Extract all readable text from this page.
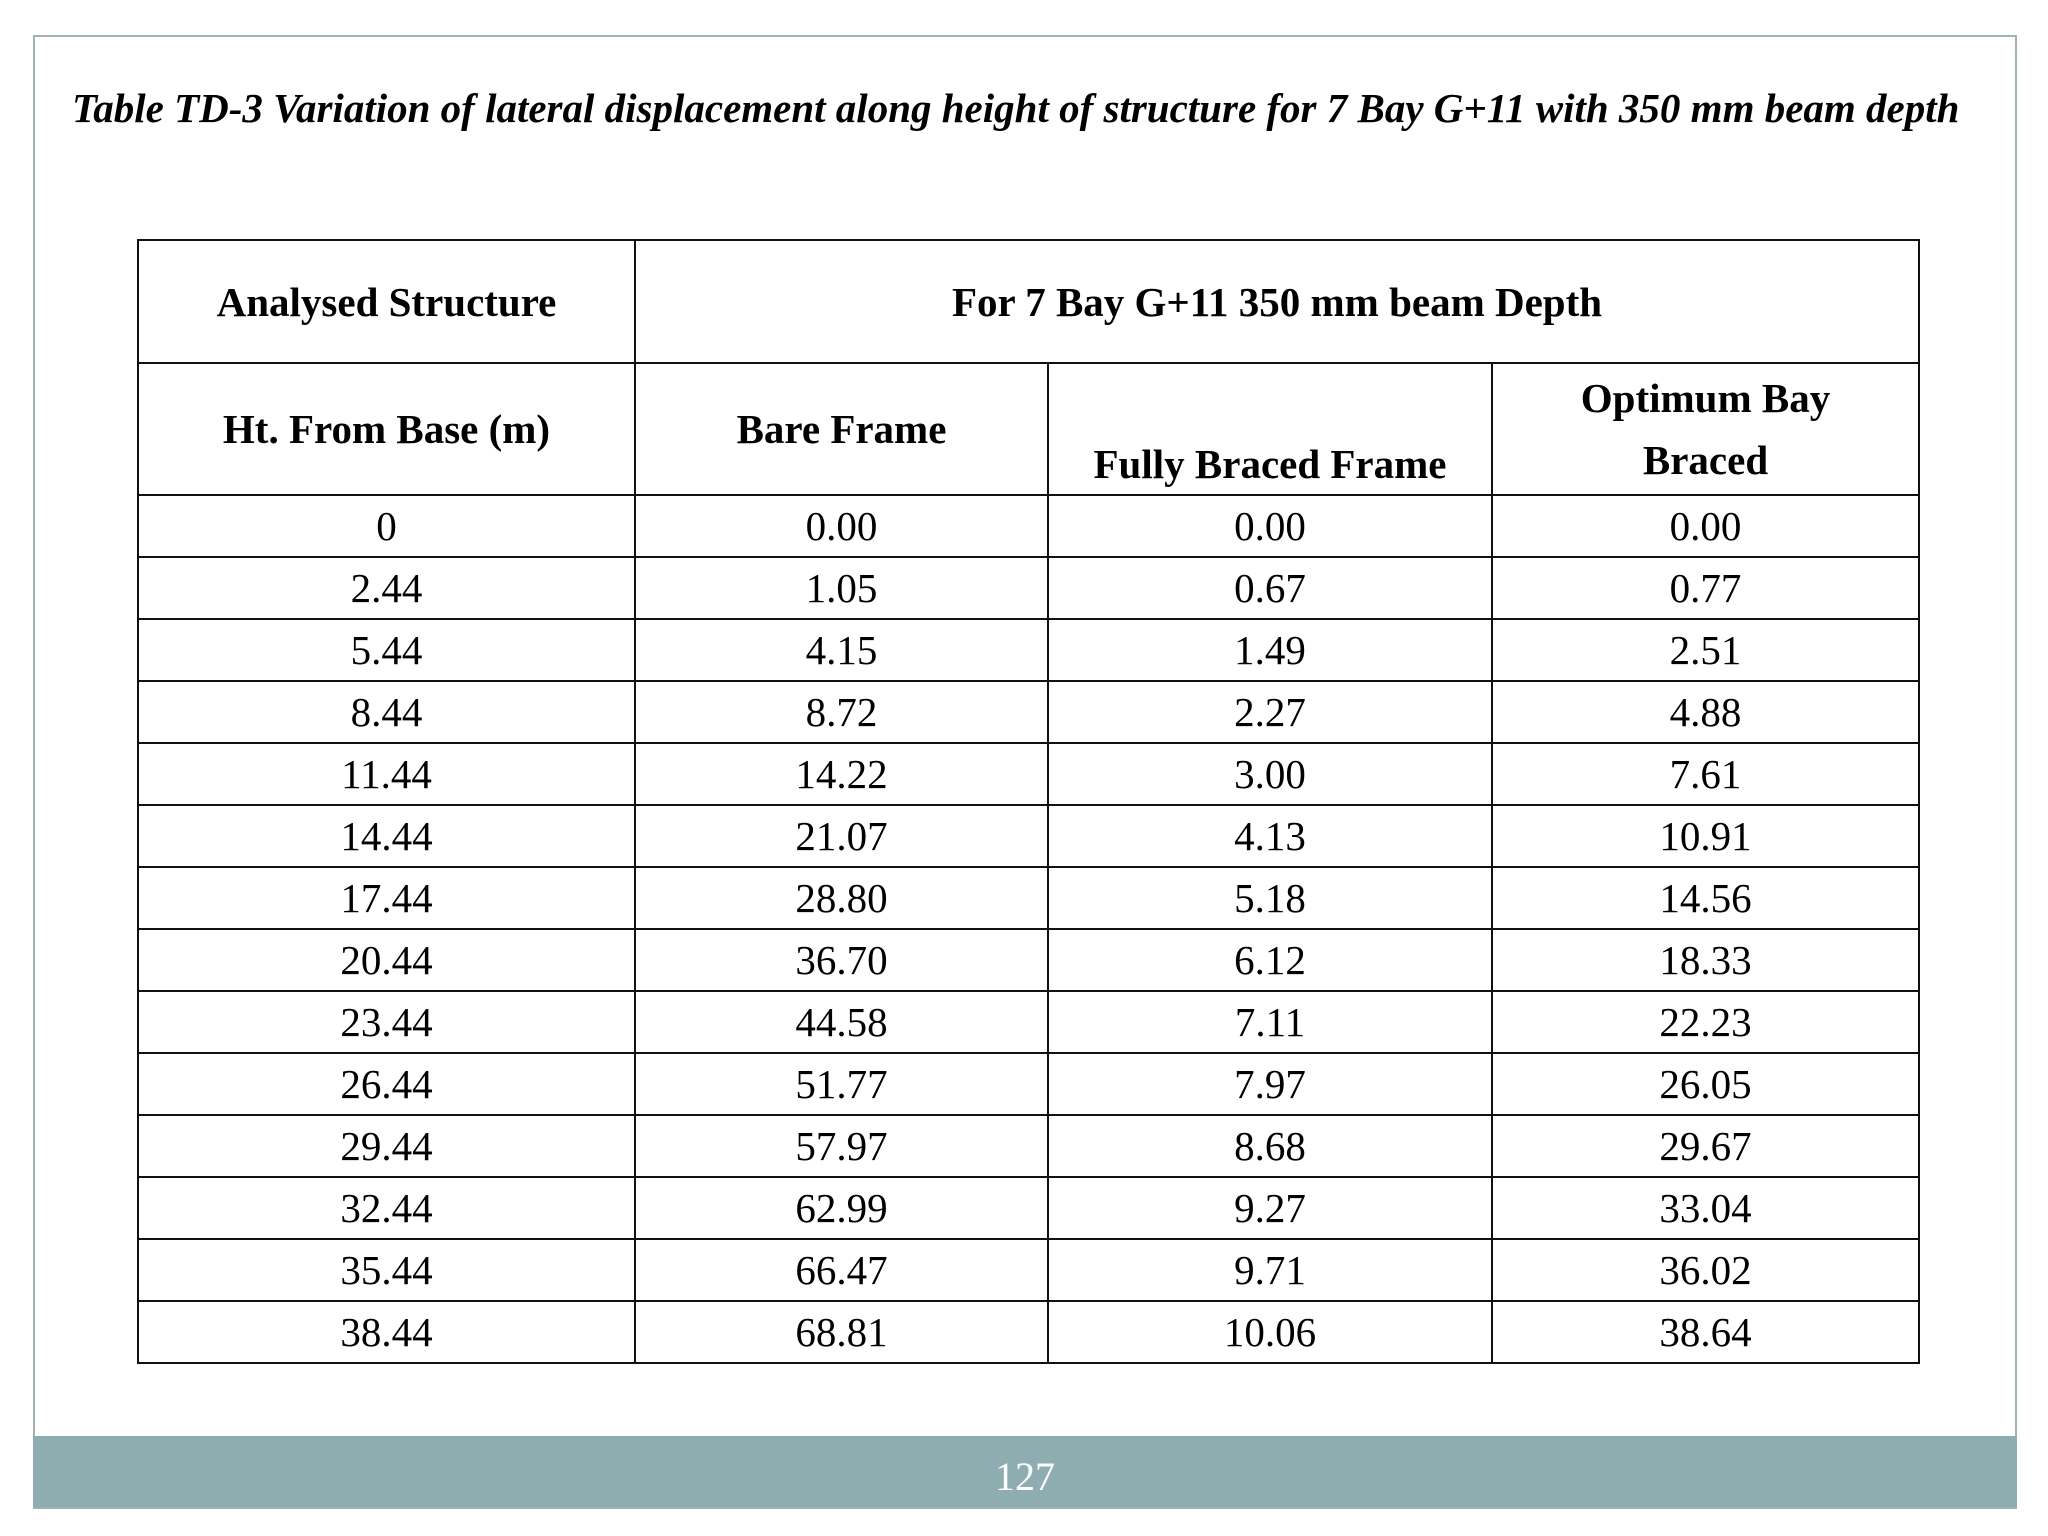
Table TD-3 Variation of lateral displacement along height of structure for 7 Bay G+11 with 350 mm beam depth

Analysed Structure	For 7 Bay G+11 350 mm beam Depth		
Ht. From Base (m)	Bare Frame	Fully Braced Frame	Optimum Bay Braced
0	0.00	0.00	0.00
2.44	1.05	0.67	0.77
5.44	4.15	1.49	2.51
8.44	8.72	2.27	4.88
11.44	14.22	3.00	7.61
14.44	21.07	4.13	10.91
17.44	28.80	5.18	14.56
20.44	36.70	6.12	18.33
23.44	44.58	7.11	22.23
26.44	51.77	7.97	26.05
29.44	57.97	8.68	29.67
32.44	62.99	9.27	33.04
35.44	66.47	9.71	36.02
38.44	68.81	10.06	38.64
127
